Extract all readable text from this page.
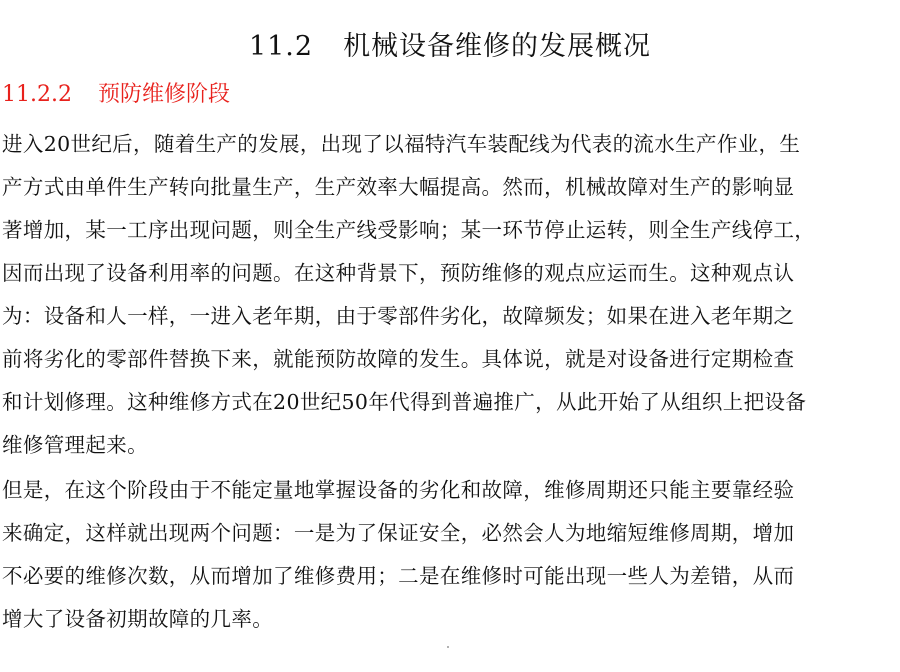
11.2 机械设备维修的发展概况
11.2.2 预防维修阶段

进入20世纪后，随着生产的发展，出现了以福特汽车装配线为代表的流水生产作业，生
产方式由单件生产转向批量生产，生产效率大幅提高。然而，机械故障对生产的影响显
著增加，某一工序出现问题，则全生产线受影响；某一环节停止运转，则全生产线停工，
因而出现了设备利用率的问题。在这种背景下，预防维修的观点应运而生。这种观点认
为：设备和人一样，一进入老年期，由于零部件劣化，故障频发；如果在进入老年期之
前将劣化的零部件替换下来，就能预防故障的发生。具体说，就是对设备进行定期检查
和计划修理。这种维修方式在20世纪50年代得到普遍推广，从此开始了从组织上把设备
维修管理起来。

但是，在这个阶段由于不能定量地掌握设备的劣化和故障，维修周期还只能主要靠经验
来确定，这样就出现两个问题：一是为了保证安全，必然会人为地缩短维修周期，增加
不必要的维修次数，从而增加了维修费用；二是在维修时可能出现一些人为差错，从而
增大了设备初期故障的几率。
